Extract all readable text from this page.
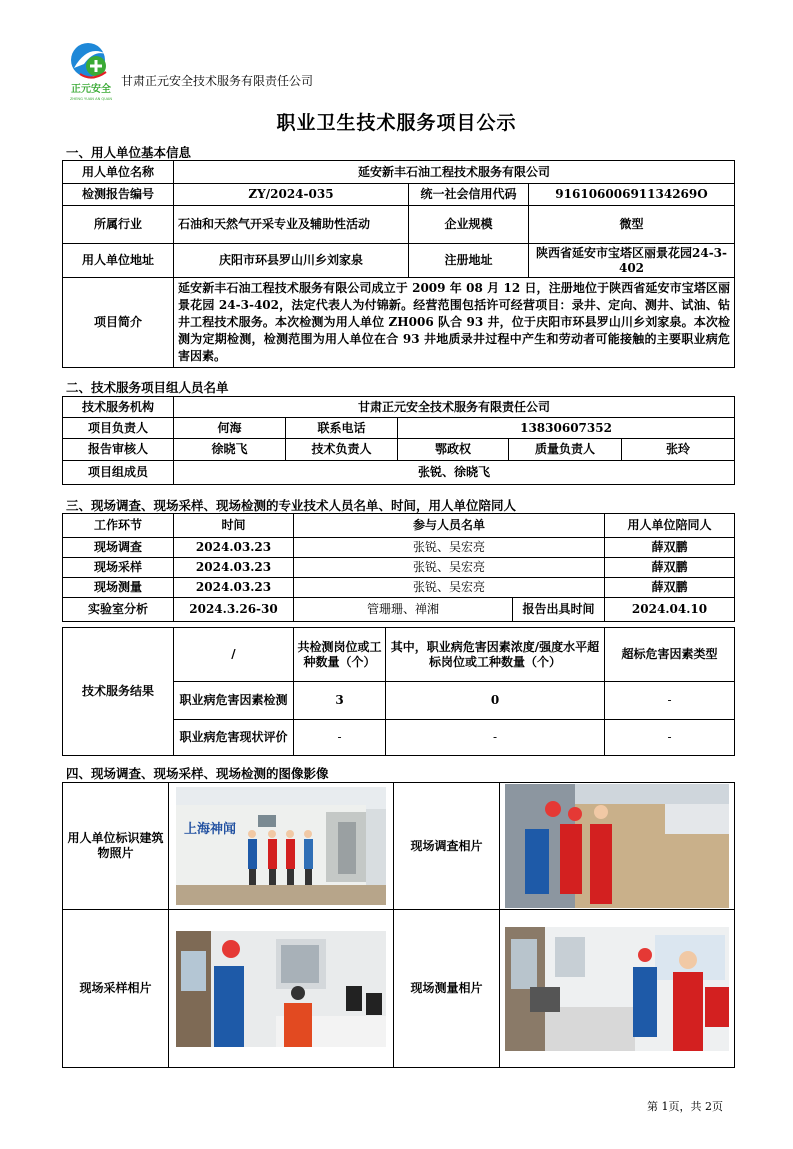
正元安全
ZHENG YUAN AN QUAN
甘肃正元安全技术服务有限责任公司
职业卫生技术服务项目公示
一、用人单位基本信息
用人单位名称	延安新丰石油工程技术服务有限公司		
检测报告编号	ZY/2024-035	统一社会信用代码	91610600691134269O
所属行业	石油和天然气开采专业及辅助性活动	企业规模	微型
用人单位地址	庆阳市环县罗山川乡刘家泉	注册地址	陕西省延安市宝塔区丽景花园24-3-402
项目简介	延安新丰石油工程技术服务有限公司成立于 2009 年 08 月 12 日，注册地位于陕西省延安市宝塔区丽景花园 24-3-402，法定代表人为付锦新。经营范围包括许可经营项目：录井、定向、测井、试油、钻井工程技术服务。本次检测为用人单位 ZH006 队合 93 井，位于庆阳市环县罗山川乡刘家泉。本次检测为定期检测，检测范围为用人单位在合 93 井地质录井过程中产生和劳动者可能接触的主要职业病危害因素。		
二、技术服务项目组人员名单
技术服务机构	甘肃正元安全技术服务有限责任公司				
项目负责人	何海	联系电话	13830607352		
报告审核人	徐晓飞	技术负责人	鄂政权	质量负责人	张玲
项目组成员	张锐、徐晓飞				
三、现场调查、现场采样、现场检测的专业技术人员名单、时间，用人单位陪同人
工作环节	时间	参与人员名单		用人单位陪同人
现场调查	2024.03.23	张锐、吴宏亮		薛双鹏
现场采样	2024.03.23	张锐、吴宏亮		薛双鹏
现场测量	2024.03.23	张锐、吴宏亮		薛双鹏
实验室分析	2024.3.26-30	管珊珊、禅湘	报告出具时间	2024.04.10
技术服务结果	/	共检测岗位或工种数量（个）	其中，职业病危害因素浓度/强度水平超标岗位或工种数量（个）	超标危害因素类型
	职业病危害因素检测	3	0	-
	职业病危害现状评价	-	-	-
四、现场调查、现场采样、现场检测的图像影像
用人单位标识建筑物照片	上海神闻	现场调查相片	

现场采样相片		现场测量相片	
第 1页，共 2页
